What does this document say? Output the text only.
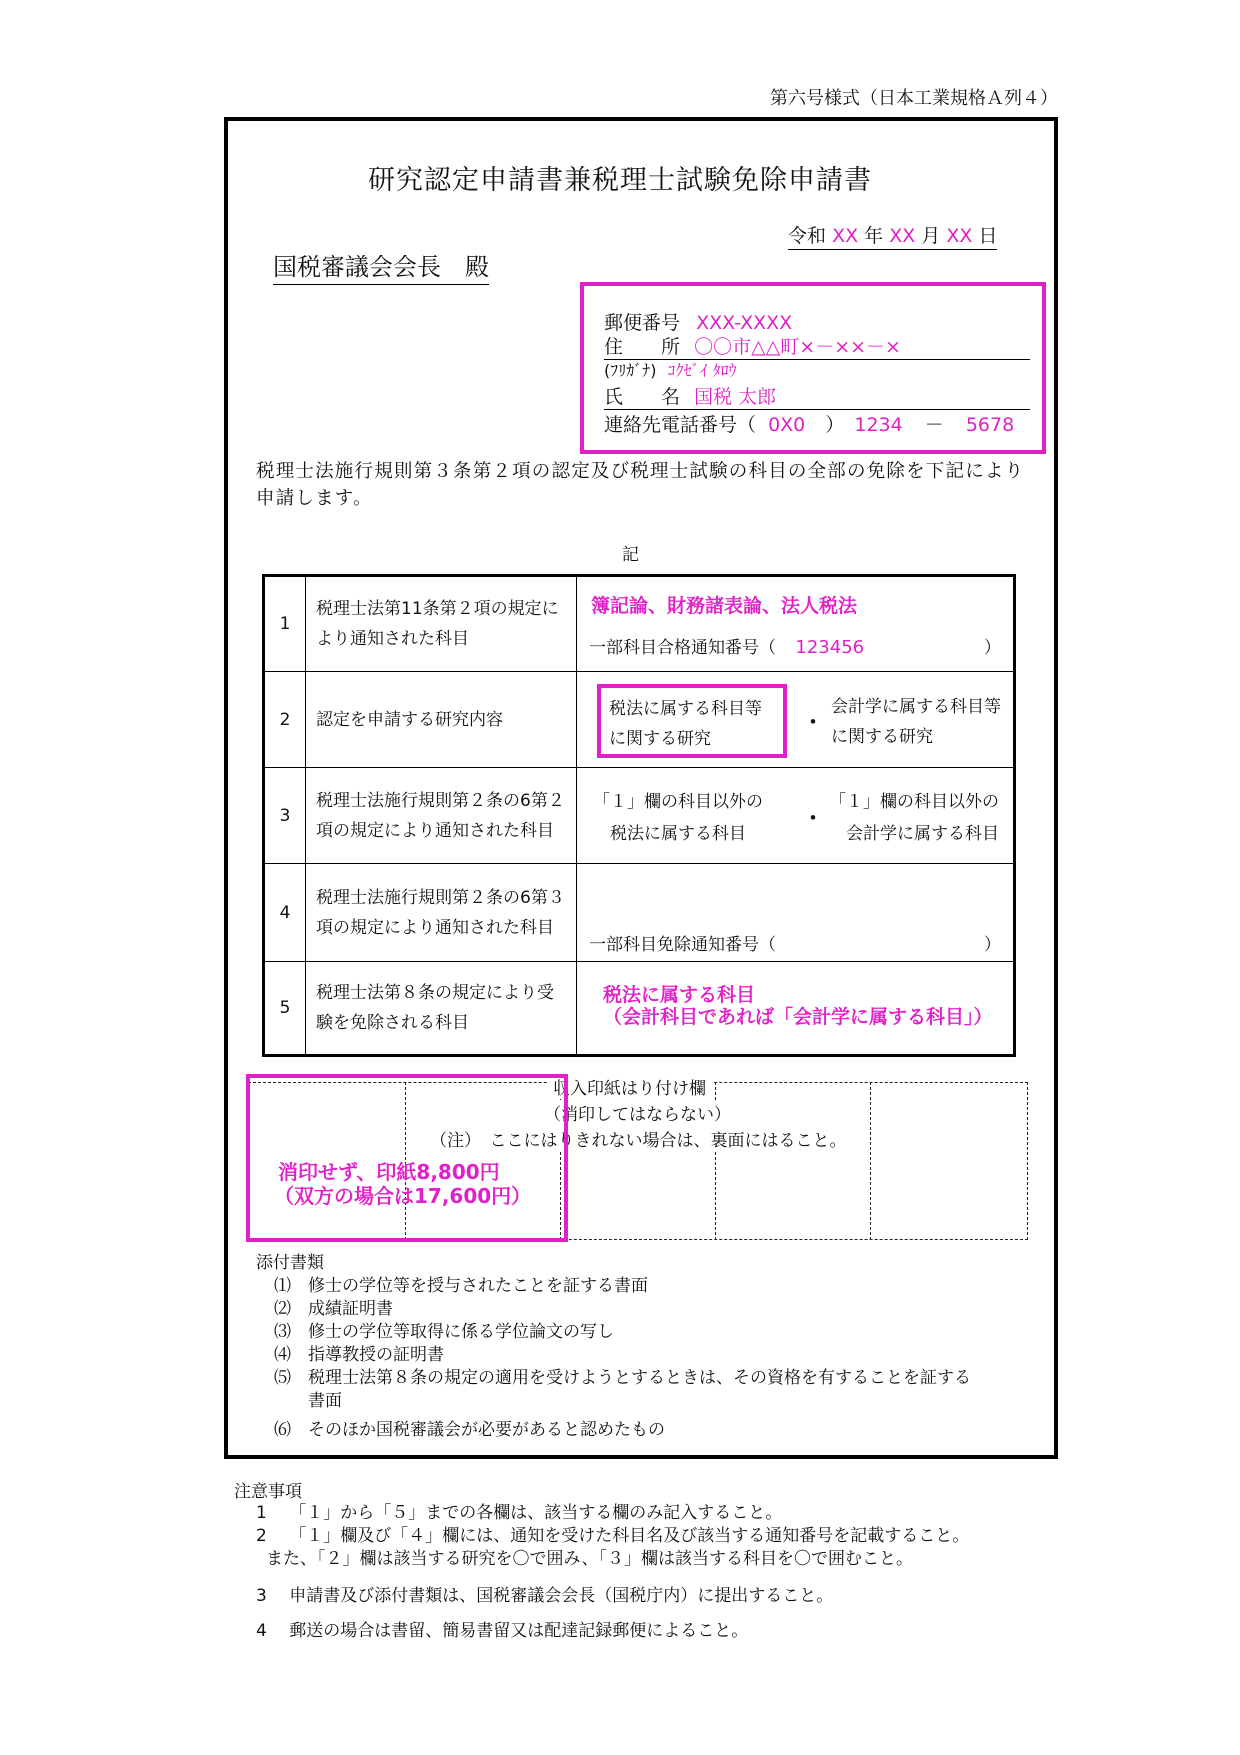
第六号様式（日本工業規格Ａ列４）
研究認定申請書兼税理士試験免除申請書
令和 XX 年 XX 月 XX 日
国税審議会会長　殿
郵便番号 XXX-XXXX
住　　所 〇〇市△△町×－××－×
(ﾌﾘｶﾞﾅ) ｺｸｾﾞｲ ﾀﾛｳ
氏　　名 国税 太郎
連絡先電話番号（ 0X0 ） 1234 － 5678
税理士法施行規則第３条第２項の認定及び税理士試験の科目の全部の免除を下記により申請します。
記
1	税理士法第11条第２項の規定により通知された科目	簿記論、財務諸表論、法人税法
一部科目合格通知番号（ 123456 ）

2	認定を申請する研究内容	税法に属する科目等
に関する研究
・
会計学に属する科目等
に関する研究

3	税理士法施行規則第２条の6第２項の規定により通知された科目	「１」欄の科目以外の
税法に属する科目
・
「１」欄の科目以外の
会計学に属する科目

4	税理士法施行規則第２条の6第３項の規定により通知された科目	一部科目免除通知番号（ ）

5	税理士法第８条の規定により受験を免除される科目	税法に属する科目
（会計科目であれば「会計学に属する科目」）
収入印紙はり付け欄
（消印してはならない）
（注）　ここにはりきれない場合は、裏面にはること。
消印せず、印紙8,800円
（双方の場合は17,600円）
添付書類
⑴　 修士の学位等を授与されたことを証する書面
⑵　 成績証明書
⑶　 修士の学位等取得に係る学位論文の写し
⑷　 指導教授の証明書
⑸　 税理士法第８条の規定の適用を受けようとするときは、その資格を有することを証する
書面
⑹　 そのほか国税審議会が必要があると認めたもの
注意事項
1　 「１」から「５」までの各欄は、該当する欄のみ記入すること。
2　 「１」欄及び「４」欄には、通知を受けた科目名及び該当する通知番号を記載すること。
また、「２」欄は該当する研究を〇で囲み、「３」欄は該当する科目を〇で囲むこと。
3　 申請書及び添付書類は、国税審議会会長（国税庁内）に提出すること。
4　 郵送の場合は書留、簡易書留又は配達記録郵便によること。
